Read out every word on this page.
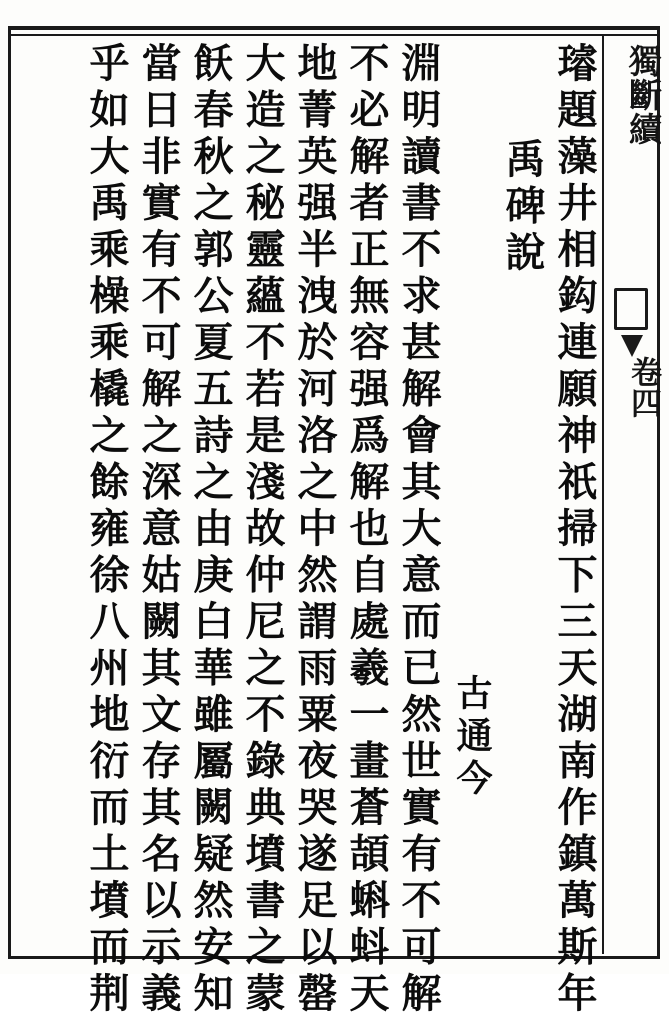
獨斷續
卷四
璿題藻井相鈎連願神祇掃下三天湖南作鎮萬斯年
禹碑說
古通今
淵明讀書不求甚解會其大意而已然世實有不可解
不必解者正無容强爲解也自處羲一畫蒼頡蝌蚪天
地菁英强半洩於河洛之中然謂雨粟夜哭遂足以罄
大造之秘靈蘊不若是淺故仲尼之不錄典墳書之蒙
飫春秋之郭公夏五詩之由庚白華雖屬闕疑然安知
當日非實有不可解之深意姑闕其文存其名以示義
乎如大禹乘橾乘橇之餘雍徐八州地衍而土墳而荆
